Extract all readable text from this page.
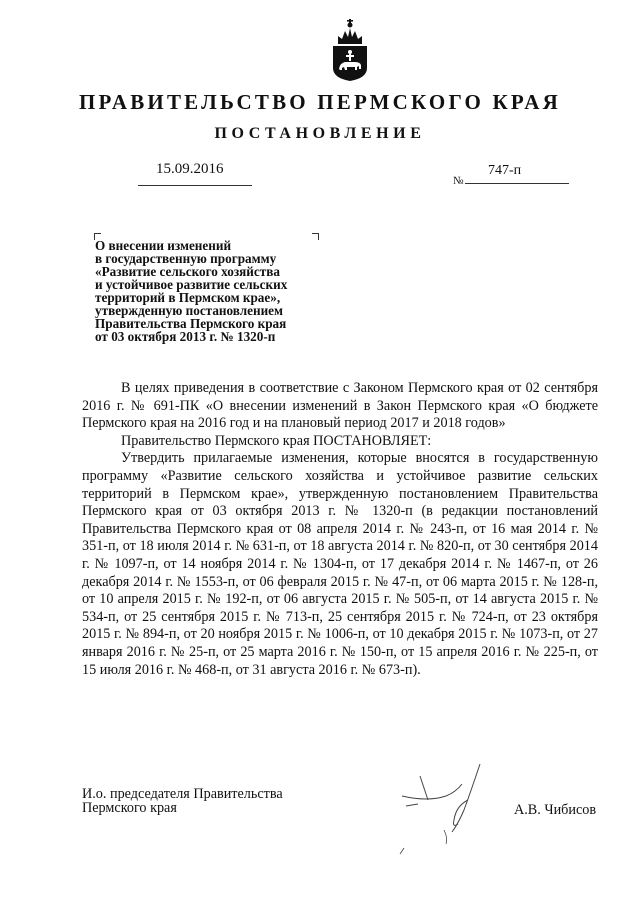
ПРАВИТЕЛЬСТВО ПЕРМСКОГО КРАЯ
ПОСТАНОВЛЕНИЕ
15.09.2016
№
747-п
О внесении изменений
в государственную программу
«Развитие сельского хозяйства
и устойчивое развитие сельских
территорий в Пермском крае»,
утвержденную постановлением
Правительства Пермского края
от 03 октября 2013 г. № 1320-п
В целях приведения в соответствие с Законом Пермского края от 02 сентября 2016 г. № 691-ПК «О внесении изменений в Закон Пермского края «О бюджете Пермского края на 2016 год и на плановый период 2017 и 2018 годов»
Правительство Пермского края ПОСТАНОВЛЯЕТ:
Утвердить прилагаемые изменения, которые вносятся в государственную программу «Развитие сельского хозяйства и устойчивое развитие сельских территорий в Пермском крае», утвержденную постановлением Правительства Пермского края от 03 октября 2013 г. № 1320-п (в редакции постановлений Правительства Пермского края от 08 апреля 2014 г. № 243-п, от 16 мая 2014 г. № 351-п, от 18 июля 2014 г. № 631-п, от 18 августа 2014 г. № 820-п, от 30 сентября 2014 г. № 1097-п, от 14 ноября 2014 г. № 1304-п, от 17 декабря 2014 г. № 1467-п, от 26 декабря 2014 г. № 1553-п, от 06 февраля 2015 г. № 47-п, от 06 марта 2015 г. № 128-п, от 10 апреля 2015 г. № 192-п, от 06 августа 2015 г. № 505-п, от 14 августа 2015 г. № 534-п, от 25 сентября 2015 г. № 713-п, 25 сентября 2015 г. № 724-п, от 23 октября 2015 г. № 894-п, от 20 ноября 2015 г. № 1006-п, от 10 декабря 2015 г. № 1073-п, от 27 января 2016 г. № 25-п, от 25 марта 2016 г. № 150-п, от 15 апреля 2016 г. № 225-п, от 15 июля 2016 г. № 468-п, от 31 августа 2016 г. № 673-п).
И.о. председателя Правительства
Пермского края	А.В. Чибисов
